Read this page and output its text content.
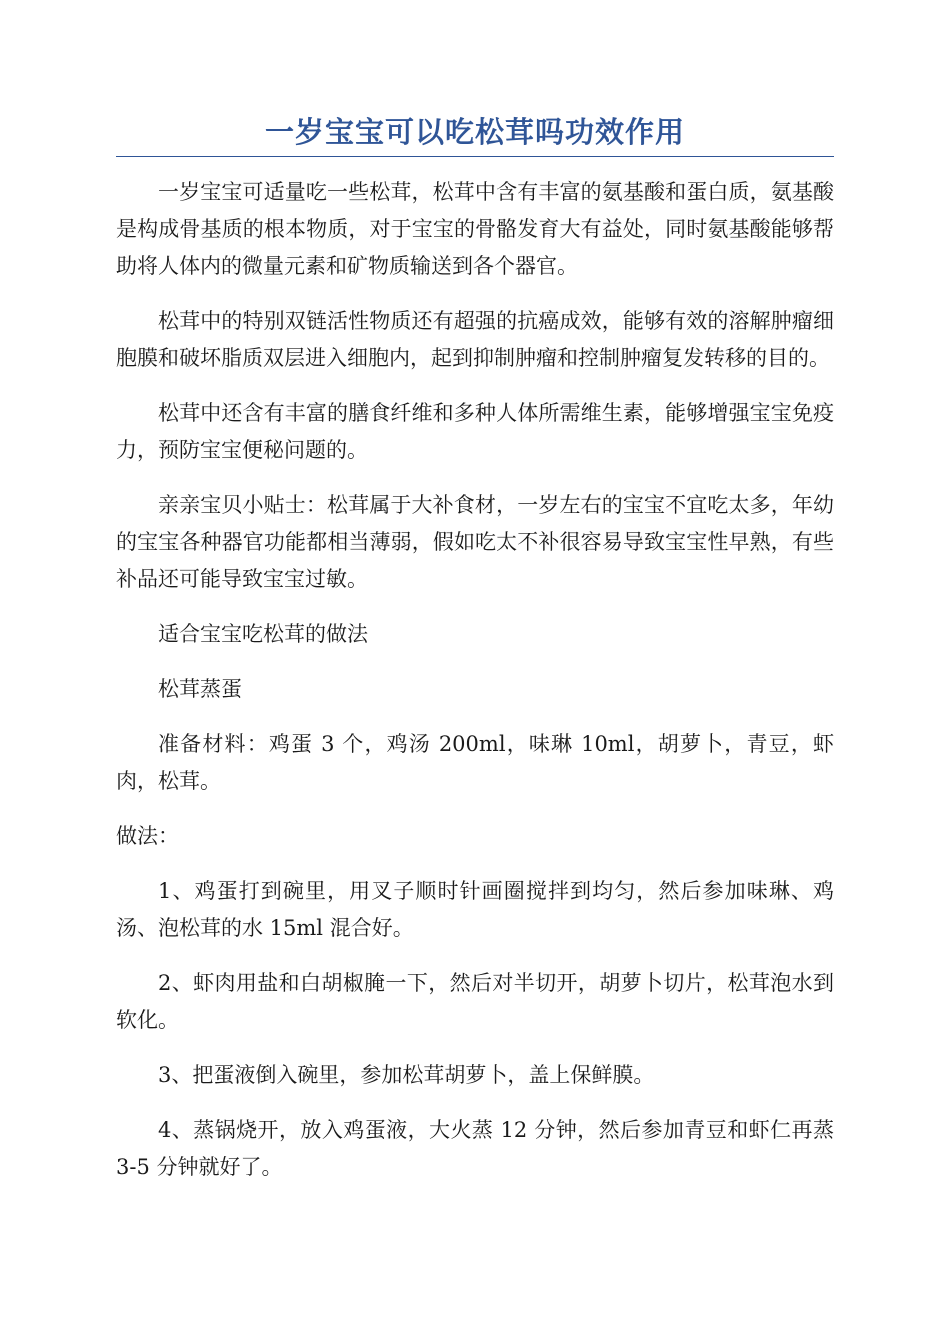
一岁宝宝可以吃松茸吗功效作用

一岁宝宝可适量吃一些松茸，松茸中含有丰富的氨基酸和蛋白质，氨基酸是构成骨基质的根本物质，对于宝宝的骨骼发育大有益处，同时氨基酸能够帮助将人体内的微量元素和矿物质输送到各个器官。

松茸中的特别双链活性物质还有超强的抗癌成效，能够有效的溶解肿瘤细胞膜和破坏脂质双层进入细胞内，起到抑制肿瘤和控制肿瘤复发转移的目的。

松茸中还含有丰富的膳食纤维和多种人体所需维生素，能够增强宝宝免疫力，预防宝宝便秘问题的。

亲亲宝贝小贴士：松茸属于大补食材，一岁左右的宝宝不宜吃太多，年幼的宝宝各种器官功能都相当薄弱，假如吃太不补很容易导致宝宝性早熟，有些补品还可能导致宝宝过敏。

适合宝宝吃松茸的做法

松茸蒸蛋

准备材料：鸡蛋 3 个，鸡汤 200ml，味琳 10ml，胡萝卜，青豆，虾肉，松茸。

做法：

1、鸡蛋打到碗里，用叉子顺时针画圈搅拌到均匀，然后参加味琳、鸡汤、泡松茸的水 15ml 混合好。

2、虾肉用盐和白胡椒腌一下，然后对半切开，胡萝卜切片，松茸泡水到软化。

3、把蛋液倒入碗里，参加松茸胡萝卜，盖上保鲜膜。

4、蒸锅烧开，放入鸡蛋液，大火蒸 12 分钟，然后参加青豆和虾仁再蒸 3-5 分钟就好了。
